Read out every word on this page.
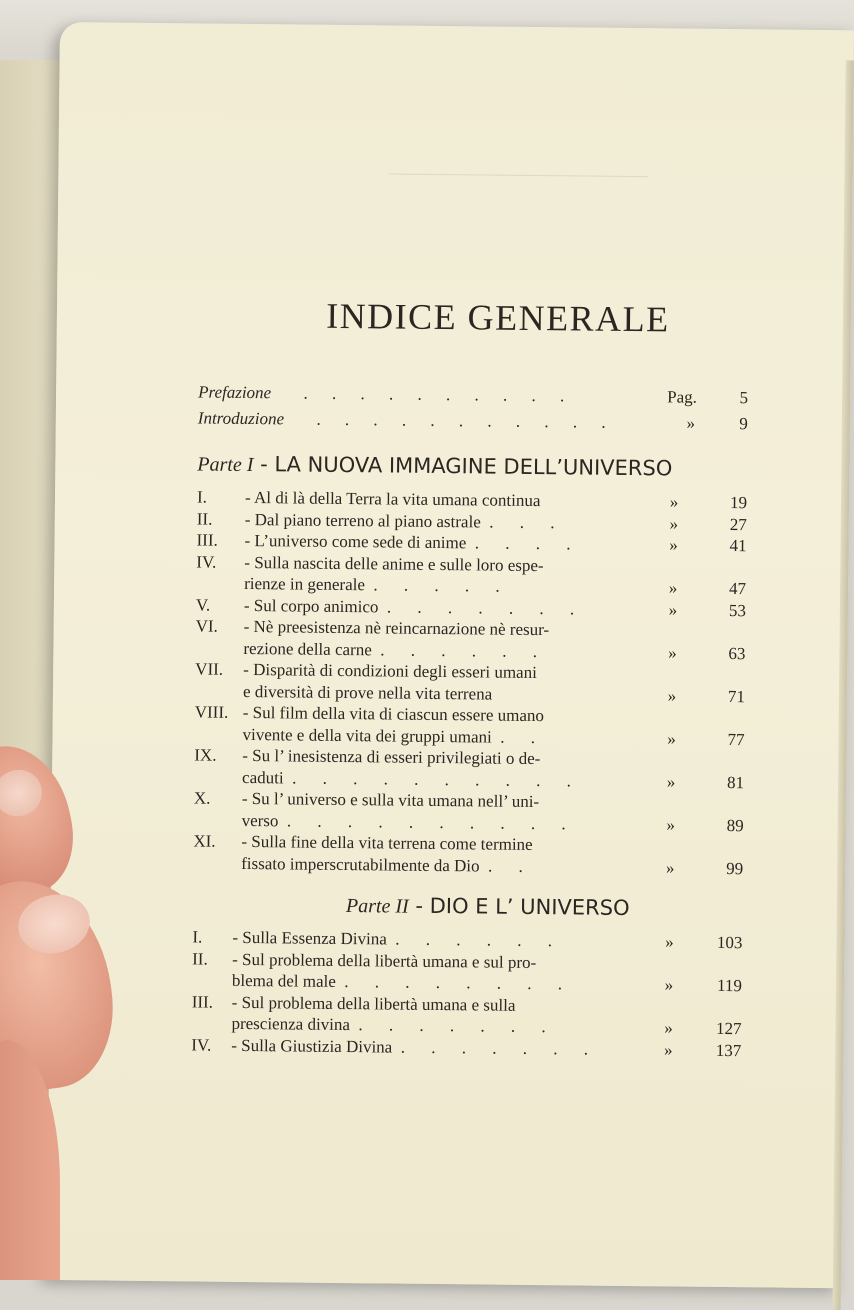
INDICE GENERALE
Prefazione   . . . . . . . . . .	Pag. 5
Introduzione   . . . . . . . . . . .	»	9
Parte I - LA NUOVA IMMAGINE DELL’UNIVERSO
I.	- Al di là della Terra la vita umana continua	»	19
II.	- Dal piano terreno al piano astrale . . .	»	27
III.	- L’universo come sede di anime . . . .	»	41
IV.	- Sulla nascita delle anime e sulle loro espe-
rienze in generale . . . . .	»	47
V.	- Sul corpo animico . . . . . . .	»	53
VI.	- Nè preesistenza nè reincarnazione nè resur-
rezione della carne . . . . . .	»	63
VII.	- Disparità di condizioni degli esseri umani
e diversità di prove nella vita terrena	»	71
VIII. - Sul film della vita di ciascun essere umano
vivente e della vita dei gruppi umani . .	»	77
IX.	- Su l’ inesistenza di esseri privilegiati o de-
caduti . . . . . . . . . .	»	81
X.	- Su l’ universo e sulla vita umana nell’ uni-
verso . . . . . . . . . .	»	89
XI.	- Sulla fine della vita terrena come termine
fissato imperscrutabilmente da Dio . .	»	99
Parte II - DIO E L’ UNIVERSO
I.	- Sulla Essenza Divina . . . . . .	»	103
II.	- Sul problema della libertà umana e sul pro-
blema del male . . . . . . . .	»	119
III.	- Sul problema della libertà umana e sulla
prescienza divina . . . . . . .	»	127
IV.	- Sulla Giustizia Divina . . . . . . .	»	137
